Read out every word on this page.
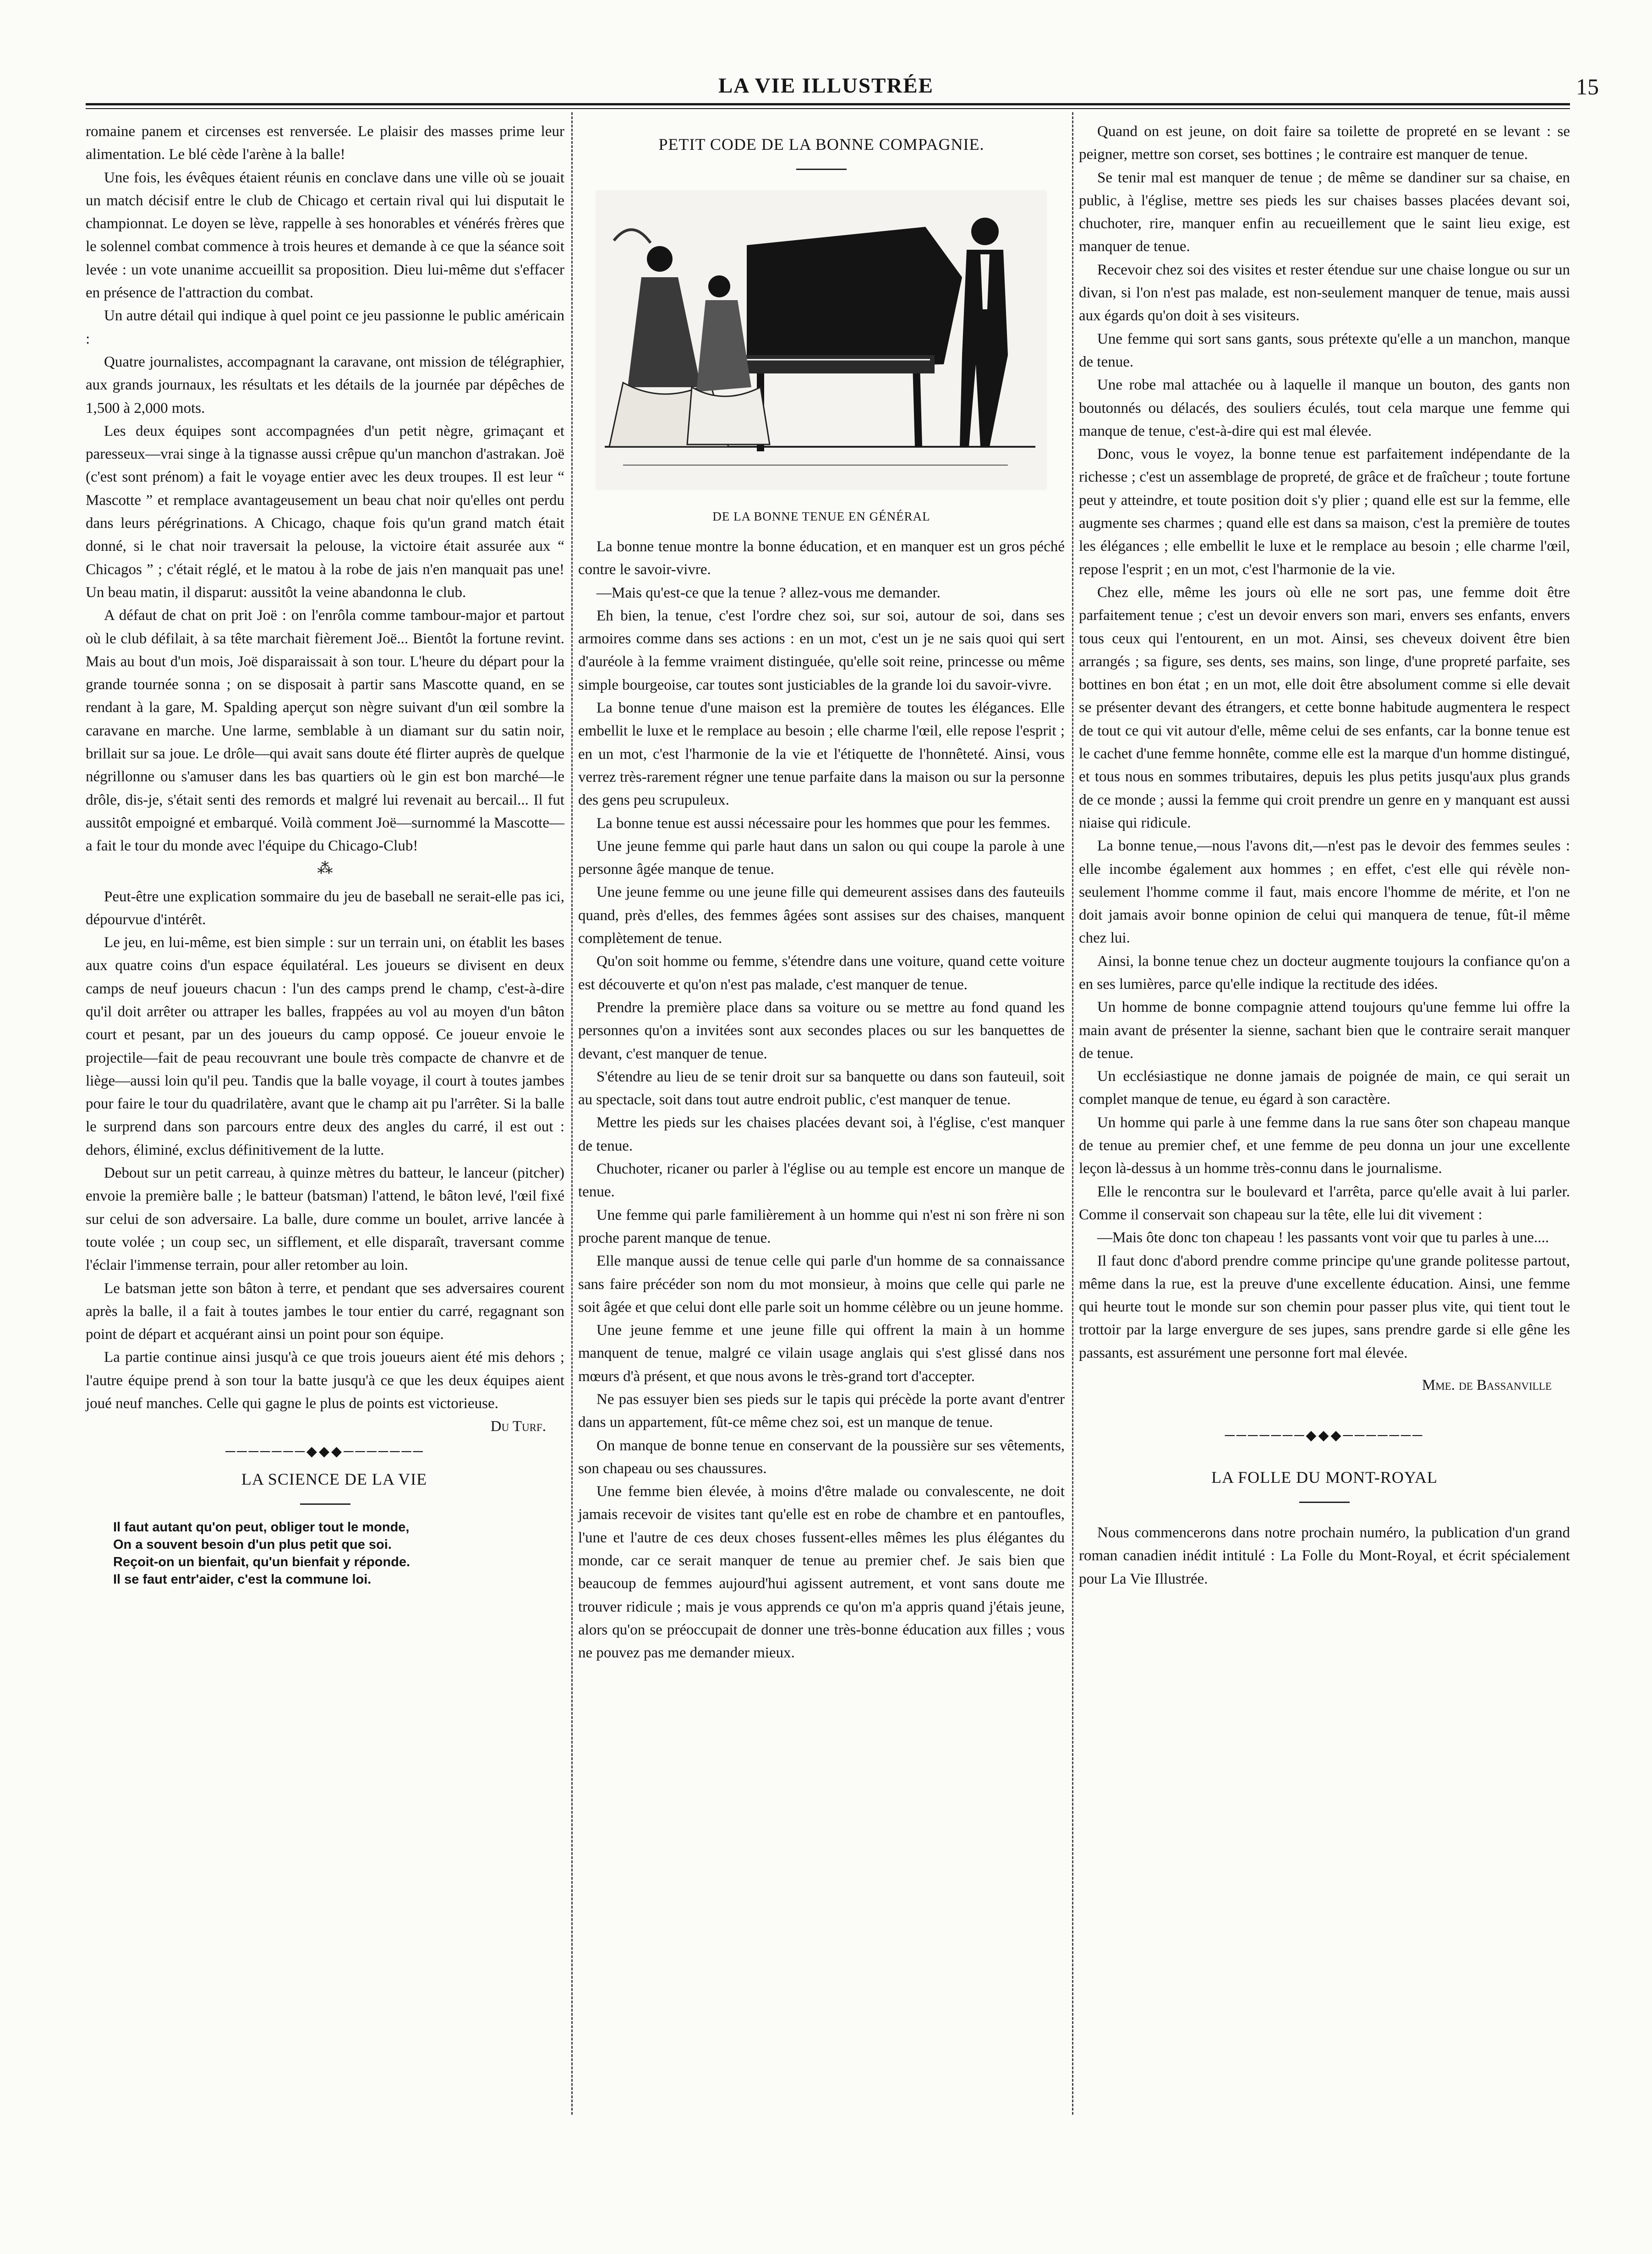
LA VIE ILLUSTRÉE	15

romaine panem et circenses est renversée. Le plaisir des masses prime leur alimentation. Le blé cède l'arène à la balle!

Une fois, les évêques étaient réunis en conclave dans une ville où se jouait un match décisif entre le club de Chicago et certain rival qui lui disputait le championnat. Le doyen se lève, rappelle à ses honorables et vénérés frères que le solennel combat commence à trois heures et demande à ce que la séance soit levée : un vote unanime accueillit sa proposition. Dieu lui-même dut s'effacer en présence de l'attraction du combat.

Un autre détail qui indique à quel point ce jeu passionne le public américain :

Quatre journalistes, accompagnant la caravane, ont mission de télégraphier, aux grands journaux, les résultats et les détails de la journée par dépêches de 1,500 à 2,000 mots.

Les deux équipes sont accompagnées d'un petit nègre, grimaçant et paresseux—vrai singe à la tignasse aussi crêpue qu'un manchon d'astrakan. Joë (c'est sont prénom) a fait le voyage entier avec les deux troupes. Il est leur “ Mascotte ” et remplace avantageusement un beau chat noir qu'elles ont perdu dans leurs pérégrinations. A Chicago, chaque fois qu'un grand match était donné, si le chat noir traversait la pelouse, la victoire était assurée aux “ Chicagos ” ; c'était réglé, et le matou à la robe de jais n'en manquait pas une! Un beau matin, il disparut: aussitôt la veine abandonna le club.

A défaut de chat on prit Joë : on l'enrôla comme tambour-major et partout où le club défilait, à sa tête marchait fièrement Joë... Bientôt la fortune revint. Mais au bout d'un mois, Joë disparaissait à son tour. L'heure du départ pour la grande tournée sonna ; on se disposait à partir sans Mascotte quand, en se rendant à la gare, M. Spalding aperçut son nègre suivant d'un œil sombre la caravane en marche. Une larme, semblable à un diamant sur du satin noir, brillait sur sa joue. Le drôle—qui avait sans doute été flirter auprès de quelque négrillonne ou s'amuser dans les bas quartiers où le gin est bon marché—le drôle, dis-je, s'était senti des remords et malgré lui revenait au bercail... Il fut aussitôt empoigné et embarqué. Voilà comment Joë—surnommé la Mascotte— a fait le tour du monde avec l'équipe du Chicago-Club!

⁂

Peut-être une explication sommaire du jeu de baseball ne serait-elle pas ici, dépourvue d'intérêt.

Le jeu, en lui-même, est bien simple : sur un terrain uni, on établit les bases aux quatre coins d'un espace équilatéral. Les joueurs se divisent en deux camps de neuf joueurs chacun : l'un des camps prend le champ, c'est-à-dire qu'il doit arrêter ou attraper les balles, frappées au vol au moyen d'un bâton court et pesant, par un des joueurs du camp opposé. Ce joueur envoie le projectile—fait de peau recouvrant une boule très compacte de chanvre et de liège—aussi loin qu'il peu. Tandis que la balle voyage, il court à toutes jambes pour faire le tour du quadrilatère, avant que le champ ait pu l'arrêter. Si la balle le surprend dans son parcours entre deux des angles du carré, il est out : dehors, éliminé, exclus définitivement de la lutte.

Debout sur un petit carreau, à quinze mètres du batteur, le lanceur (pitcher) envoie la première balle ; le batteur (batsman) l'attend, le bâton levé, l'œil fixé sur celui de son adversaire. La balle, dure comme un boulet, arrive lancée à toute volée ; un coup sec, un sifflement, et elle disparaît, traversant comme l'éclair l'immense terrain, pour aller retomber au loin.

Le batsman jette son bâton à terre, et pendant que ses adversaires courent après la balle, il a fait à toutes jambes le tour entier du carré, regagnant son point de départ et acquérant ainsi un point pour son équipe.

La partie continue ainsi jusqu'à ce que trois joueurs aient été mis dehors ; l'autre équipe prend à son tour la batte jusqu'à ce que les deux équipes aient joué neuf manches. Celle qui gagne le plus de points est victorieuse.

Du Turf.

───────◆◆◆───────

LA SCIENCE DE LA VIE

Il faut autant qu'on peut, obliger tout le monde,
On a souvent besoin d'un plus petit que soi.
Reçoit-on un bienfait, qu'un bienfait y réponde.
Il se faut entr'aider, c'est la commune loi.

PETIT CODE DE LA BONNE COMPAGNIE.

DE LA BONNE TENUE EN GÉNÉRAL

La bonne tenue montre la bonne éducation, et en manquer est un gros péché contre le savoir-vivre.

—Mais qu'est-ce que la tenue ? allez-vous me demander.

Eh bien, la tenue, c'est l'ordre chez soi, sur soi, autour de soi, dans ses armoires comme dans ses actions : en un mot, c'est un je ne sais quoi qui sert d'auréole à la femme vraiment distinguée, qu'elle soit reine, princesse ou même simple bourgeoise, car toutes sont justiciables de la grande loi du savoir-vivre.

La bonne tenue d'une maison est la première de toutes les élégances. Elle embellit le luxe et le remplace au besoin ; elle charme l'œil, elle repose l'esprit ; en un mot, c'est l'harmonie de la vie et l'étiquette de l'honnêteté. Ainsi, vous verrez très-rarement régner une tenue parfaite dans la maison ou sur la personne des gens peu scrupuleux.

La bonne tenue est aussi nécessaire pour les hommes que pour les femmes.

Une jeune femme qui parle haut dans un salon ou qui coupe la parole à une personne âgée manque de tenue.

Une jeune femme ou une jeune fille qui demeurent assises dans des fauteuils quand, près d'elles, des femmes âgées sont assises sur des chaises, manquent complètement de tenue.

Qu'on soit homme ou femme, s'étendre dans une voiture, quand cette voiture est découverte et qu'on n'est pas malade, c'est manquer de tenue.

Prendre la première place dans sa voiture ou se mettre au fond quand les personnes qu'on a invitées sont aux secondes places ou sur les banquettes de devant, c'est manquer de tenue.

S'étendre au lieu de se tenir droit sur sa banquette ou dans son fauteuil, soit au spectacle, soit dans tout autre endroit public, c'est manquer de tenue.

Mettre les pieds sur les chaises placées devant soi, à l'église, c'est manquer de tenue.

Chuchoter, ricaner ou parler à l'église ou au temple est encore un manque de tenue.

Une femme qui parle familièrement à un homme qui n'est ni son frère ni son proche parent manque de tenue.

Elle manque aussi de tenue celle qui parle d'un homme de sa connaissance sans faire précéder son nom du mot monsieur, à moins que celle qui parle ne soit âgée et que celui dont elle parle soit un homme célèbre ou un jeune homme.

Une jeune femme et une jeune fille qui offrent la main à un homme manquent de tenue, malgré ce vilain usage anglais qui s'est glissé dans nos mœurs d'à présent, et que nous avons le très-grand tort d'accepter.

Ne pas essuyer bien ses pieds sur le tapis qui précède la porte avant d'entrer dans un appartement, fût-ce même chez soi, est un manque de tenue.

On manque de bonne tenue en conservant de la poussière sur ses vêtements, son chapeau ou ses chaussures.

Une femme bien élevée, à moins d'être malade ou convalescente, ne doit jamais recevoir de visites tant qu'elle est en robe de chambre et en pantoufles, l'une et l'autre de ces deux choses fussent-elles mêmes les plus élégantes du monde, car ce serait manquer de tenue au premier chef. Je sais bien que beaucoup de femmes aujourd'hui agissent autrement, et vont sans doute me trouver ridicule ; mais je vous apprends ce qu'on m'a appris quand j'étais jeune, alors qu'on se préoccupait de donner une très-bonne éducation aux filles ; vous ne pouvez pas me demander mieux.

Quand on est jeune, on doit faire sa toilette de propreté en se levant : se peigner, mettre son corset, ses bottines ; le contraire est manquer de tenue.

Se tenir mal est manquer de tenue ; de même se dandiner sur sa chaise, en public, à l'église, mettre ses pieds les sur chaises basses placées devant soi, chuchoter, rire, manquer enfin au recueillement que le saint lieu exige, est manquer de tenue.

Recevoir chez soi des visites et rester étendue sur une chaise longue ou sur un divan, si l'on n'est pas malade, est non-seulement manquer de tenue, mais aussi aux égards qu'on doit à ses visiteurs.

Une femme qui sort sans gants, sous prétexte qu'elle a un manchon, manque de tenue.

Une robe mal attachée ou à laquelle il manque un bouton, des gants non boutonnés ou délacés, des souliers éculés, tout cela marque une femme qui manque de tenue, c'est-à-dire qui est mal élevée.

Donc, vous le voyez, la bonne tenue est parfaitement indépendante de la richesse ; c'est un assemblage de propreté, de grâce et de fraîcheur ; toute fortune peut y atteindre, et toute position doit s'y plier ; quand elle est sur la femme, elle augmente ses charmes ; quand elle est dans sa maison, c'est la première de toutes les élégances ; elle embellit le luxe et le remplace au besoin ; elle charme l'œil, repose l'esprit ; en un mot, c'est l'harmonie de la vie.

Chez elle, même les jours où elle ne sort pas, une femme doit être parfaitement tenue ; c'est un devoir envers son mari, envers ses enfants, envers tous ceux qui l'entourent, en un mot. Ainsi, ses cheveux doivent être bien arrangés ; sa figure, ses dents, ses mains, son linge, d'une propreté parfaite, ses bottines en bon état ; en un mot, elle doit être absolument comme si elle devait se présenter devant des étrangers, et cette bonne habitude augmentera le respect de tout ce qui vit autour d'elle, même celui de ses enfants, car la bonne tenue est le cachet d'une femme honnête, comme elle est la marque d'un homme distingué, et tous nous en sommes tributaires, depuis les plus petits jusqu'aux plus grands de ce monde ; aussi la femme qui croit prendre un genre en y manquant est aussi niaise qui ridicule.

La bonne tenue,—nous l'avons dit,—n'est pas le devoir des femmes seules : elle incombe également aux hommes ; en effet, c'est elle qui révèle non-seulement l'homme comme il faut, mais encore l'homme de mérite, et l'on ne doit jamais avoir bonne opinion de celui qui manquera de tenue, fût-il même chez lui.

Ainsi, la bonne tenue chez un docteur augmente toujours la confiance qu'on a en ses lumières, parce qu'elle indique la rectitude des idées.

Un homme de bonne compagnie attend toujours qu'une femme lui offre la main avant de présenter la sienne, sachant bien que le contraire serait manquer de tenue.

Un ecclésiastique ne donne jamais de poignée de main, ce qui serait un complet manque de tenue, eu égard à son caractère.

Un homme qui parle à une femme dans la rue sans ôter son chapeau manque de tenue au premier chef, et une femme de peu donna un jour une excellente leçon là-dessus à un homme très-connu dans le journalisme.

Elle le rencontra sur le boulevard et l'arrêta, parce qu'elle avait à lui parler. Comme il conservait son chapeau sur la tête, elle lui dit vivement :

—Mais ôte donc ton chapeau ! les passants vont voir que tu parles à une....

Il faut donc d'abord prendre comme principe qu'une grande politesse partout, même dans la rue, est la preuve d'une excellente éducation. Ainsi, une femme qui heurte tout le monde sur son chemin pour passer plus vite, qui tient tout le trottoir par la large envergure de ses jupes, sans prendre garde si elle gêne les passants, est assurément une personne fort mal élevée.

Mme. de Bassanville

───────◆◆◆───────

LA FOLLE DU MONT-ROYAL

Nous commencerons dans notre prochain numéro, la publication d'un grand roman canadien inédit intitulé : La Folle du Mont-Royal, et écrit spécialement pour La Vie Illustrée.
